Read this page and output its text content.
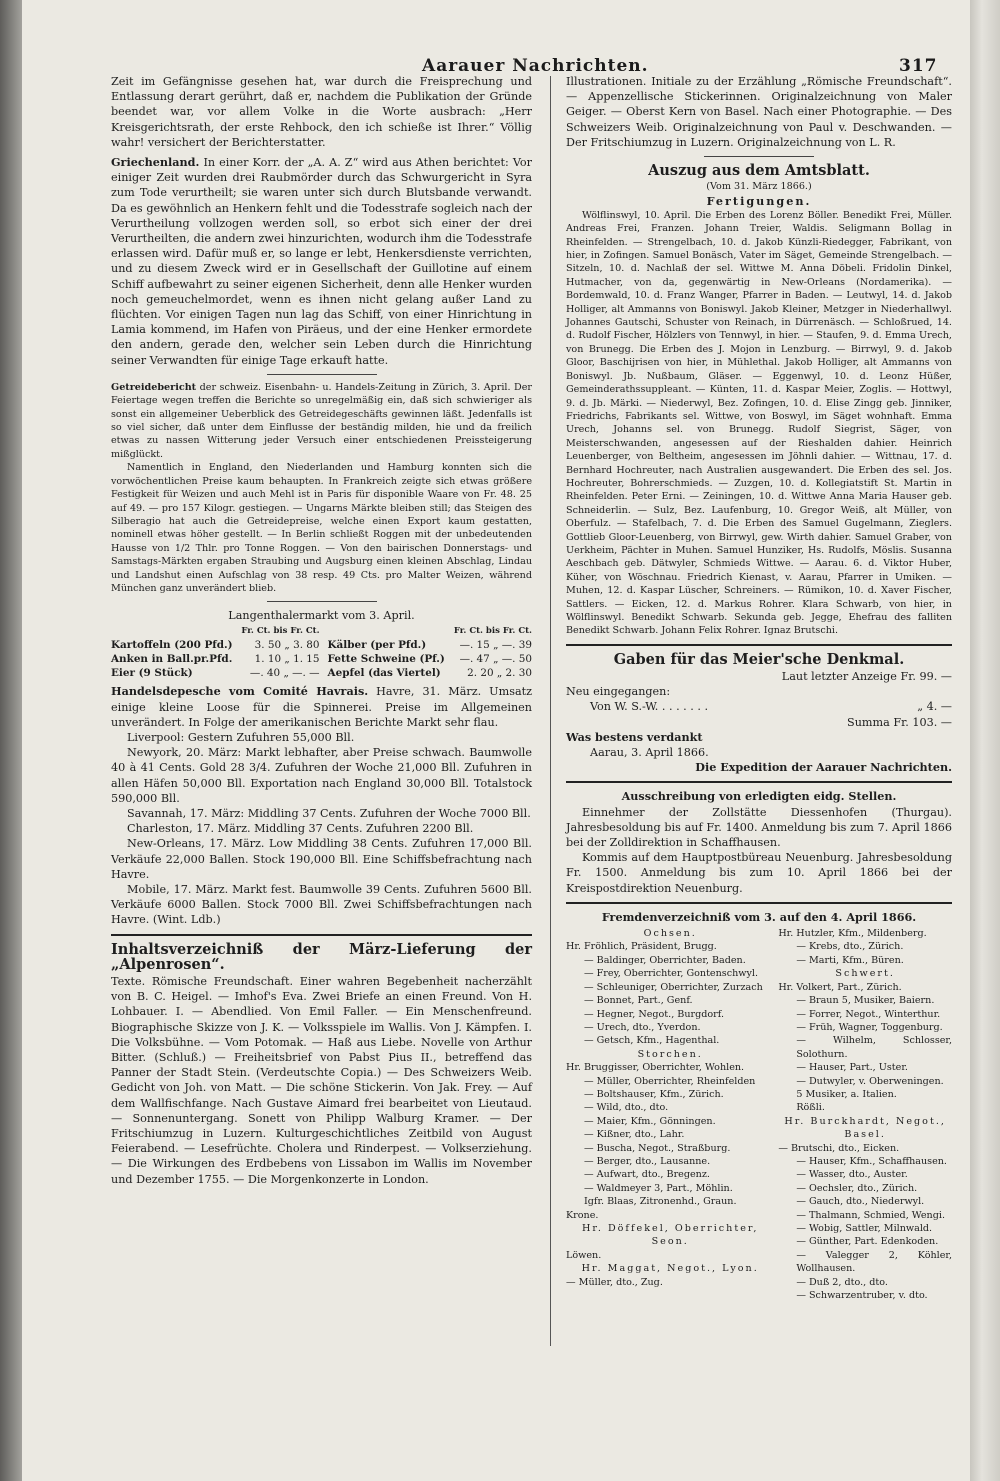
Aarauer Nachrichten.	317

Zeit im Gefängnisse gesehen hat, war durch die Freisprechung und Entlassung derart gerührt, daß er, nachdem die Publikation der Gründe beendet war, vor allem Volke in die Worte ausbrach: „Herr Kreisgerichtsrath, der erste Rehbock, den ich schieße ist Ihrer.“ Völlig wahr! versichert der Berichterstatter.

Griechenland. In einer Korr. der „A. A. Z“ wird aus Athen berichtet: Vor einiger Zeit wurden drei Raubmörder durch das Schwurgericht in Syra zum Tode verurtheilt; sie waren unter sich durch Blutsbande verwandt. Da es gewöhnlich an Henkern fehlt und die Todesstrafe sogleich nach der Verurtheilung vollzogen werden soll, so erbot sich einer der drei Verurtheilten, die andern zwei hinzurichten, wodurch ihm die Todesstrafe erlassen wird. Dafür muß er, so lange er lebt, Henkersdienste verrichten, und zu diesem Zweck wird er in Gesellschaft der Guillotine auf einem Schiff aufbewahrt zu seiner eigenen Sicherheit, denn alle Henker wurden noch gemeuchelmordet, wenn es ihnen nicht gelang außer Land zu flüchten. Vor einigen Tagen nun lag das Schiff, von einer Hinrichtung in Lamia kommend, im Hafen von Piräeus, und der eine Henker ermordete den andern, gerade den, welcher sein Leben durch die Hinrichtung seiner Verwandten für einige Tage erkauft hatte.

Getreidebericht der schweiz. Eisenbahn- u. Handels-Zeitung in Zürich, 3. April. Der Feiertage wegen treffen die Berichte so unregelmäßig ein, daß sich schwieriger als sonst ein allgemeiner Ueberblick des Getreidegeschäfts gewinnen läßt. Jedenfalls ist so viel sicher, daß unter dem Einflusse der beständig milden, hie und da freilich etwas zu nassen Witterung jeder Versuch einer entschiedenen Preissteigerung mißglückt.

Namentlich in England, den Niederlanden und Hamburg konnten sich die vorwöchentlichen Preise kaum behaupten. In Frankreich zeigte sich etwas größere Festigkeit für Weizen und auch Mehl ist in Paris für disponible Waare von Fr. 48. 25 auf 49. — pro 157 Kilogr. gestiegen. — Ungarns Märkte bleiben still; das Steigen des Silberagio hat auch die Getreidepreise, welche einen Export kaum gestatten, nominell etwas höher gestellt. — In Berlin schließt Roggen mit der unbedeutenden Hausse von 1/2 Thlr. pro Tonne Roggen. — Von den bairischen Donnerstags- und Samstags-Märkten ergaben Straubing und Augsburg einen kleinen Abschlag, Lindau und Landshut einen Aufschlag von 38 resp. 49 Cts. pro Malter Weizen, während München ganz unverändert blieb.

Langenthalermarkt vom 3. April.

	Fr. Ct. bis Fr. Ct.		Fr. Ct. bis Fr. Ct.
Kartoffeln (200 Pfd.)	3. 50 „ 3. 80	Kälber (per Pfd.)	—. 15 „ —. 39
Anken in Ball.pr.Pfd.	1. 10 „ 1. 15	Fette Schweine (Pf.)	—. 47 „ —. 50
Eier (9 Stück)	—. 40 „ —. —	Aepfel (das Viertel)	2. 20 „ 2. 30

Handelsdepesche vom Comité Havrais. Havre, 31. März. Umsatz einige kleine Loose für die Spinnerei. Preise im Allgemeinen unverändert. In Folge der amerikanischen Berichte Markt sehr flau.

Liverpool: Gestern Zufuhren 55,000 Bll.

Newyork, 20. März: Markt lebhafter, aber Preise schwach. Baumwolle 40 à 41 Cents. Gold 28 3/4. Zufuhren der Woche 21,000 Bll. Zufuhren in allen Häfen 50,000 Bll. Exportation nach England 30,000 Bll. Totalstock 590,000 Bll.

Savannah, 17. März: Middling 37 Cents. Zufuhren der Woche 7000 Bll.

Charleston, 17. März. Middling 37 Cents. Zufuhren 2200 Bll.

New-Orleans, 17. März. Low Middling 38 Cents. Zufuhren 17,000 Bll. Verkäufe 22,000 Ballen. Stock 190,000 Bll. Eine Schiffsbefrachtung nach Havre.

Mobile, 17. März. Markt fest. Baumwolle 39 Cents. Zufuhren 5600 Bll. Verkäufe 6000 Ballen. Stock 7000 Bll. Zwei Schiffsbefrachtungen nach Havre. (Wint. Ldb.)

Inhaltsverzeichniß der März-Lieferung der „Alpenrosen“.

Texte. Römische Freundschaft. Einer wahren Begebenheit nacherzählt von B. C. Heigel. — Imhof's Eva. Zwei Briefe an einen Freund. Von H. Lohbauer. I. — Abendlied. Von Emil Faller. — Ein Menschenfreund. Biographische Skizze von J. K. — Volksspiele im Wallis. Von J. Kämpfen. I. Die Volksbühne. — Vom Potomak. — Haß aus Liebe. Novelle von Arthur Bitter. (Schluß.) — Freiheitsbrief von Pabst Pius II., betreffend das Panner der Stadt Stein. (Verdeutschte Copia.) — Des Schweizers Weib. Gedicht von Joh. von Matt. — Die schöne Stickerin. Von Jak. Frey. — Auf dem Wallfischfange. Nach Gustave Aimard frei bearbeitet von Lieutaud. — Sonnenuntergang. Sonett von Philipp Walburg Kramer. — Der Fritschiumzug in Luzern. Kulturgeschichtliches Zeitbild von August Feierabend. — Lesefrüchte. Cholera und Rinderpest. — Volkserziehung. — Die Wirkungen des Erdbebens von Lissabon im Wallis im November und Dezember 1755. — Die Morgenkonzerte in London.

Illustrationen. Initiale zu der Erzählung „Römische Freundschaft“. — Appenzellische Stickerinnen. Originalzeichnung von Maler Geiger. — Oberst Kern von Basel. Nach einer Photographie. — Des Schweizers Weib. Originalzeichnung von Paul v. Deschwanden. — Der Fritschiumzug in Luzern. Originalzeichnung von L. R.

Auszug aus dem Amtsblatt.

(Vom 31. März 1866.)

Fertigungen.

Wölflinswyl, 10. April. Die Erben des Lorenz Böller. Benedikt Frei, Müller. Andreas Frei, Franzen. Johann Treier, Waldis. Seligmann Bollag in Rheinfelden. — Strengelbach, 10. d. Jakob Künzli-Riedegger, Fabrikant, von hier, in Zofingen. Samuel Bonäsch, Vater im Säget, Gemeinde Strengelbach. — Sitzeln, 10. d. Nachlaß der sel. Wittwe M. Anna Döbeli. Fridolin Dinkel, Hutmacher, von da, gegenwärtig in New-Orleans (Nordamerika). — Bordemwald, 10. d. Franz Wanger, Pfarrer in Baden. — Leutwyl, 14. d. Jakob Holliger, alt Ammanns von Boniswyl. Jakob Kleiner, Metzger in Niederhallwyl. Johannes Gautschi, Schuster von Reinach, in Dürrenäsch. — Schloßrued, 14. d. Rudolf Fischer, Hölzlers von Tennwyl, in hier. — Staufen, 9. d. Emma Urech, von Brunegg. Die Erben des J. Mojon in Lenzburg. — Birrwyl, 9. d. Jakob Gloor, Baschijrisen von hier, in Mühlethal. Jakob Holliger, alt Ammanns von Boniswyl. Jb. Nußbaum, Gläser. — Eggenwyl, 10. d. Leonz Hüßer, Gemeinderathssuppleant. — Künten, 11. d. Kaspar Meier, Zoglis. — Hottwyl, 9. d. Jb. Märki. — Niederwyl, Bez. Zofingen, 10. d. Elise Zingg geb. Jinniker, Friedrichs, Fabrikants sel. Wittwe, von Boswyl, im Säget wohnhaft. Emma Urech, Johanns sel. von Brunegg. Rudolf Siegrist, Säger, von Meisterschwanden, angesessen auf der Rieshalden dahier. Heinrich Leuenberger, von Beltheim, angesessen im Jöhnli dahier. — Wittnau, 17. d. Bernhard Hochreuter, nach Australien ausgewandert. Die Erben des sel. Jos. Hochreuter, Bohrerschmieds. — Zuzgen, 10. d. Kollegiatstift St. Martin in Rheinfelden. Peter Erni. — Zeiningen, 10. d. Wittwe Anna Maria Hauser geb. Schneiderlin. — Sulz, Bez. Laufenburg, 10. Gregor Weiß, alt Müller, von Oberfulz. — Stafelbach, 7. d. Die Erben des Samuel Gugelmann, Zieglers. Gottlieb Gloor-Leuenberg, von Birrwyl, gew. Wirth dahier. Samuel Graber, von Uerkheim, Pächter in Muhen. Samuel Hunziker, Hs. Rudolfs, Möslis. Susanna Aeschbach geb. Dätwyler, Schmieds Wittwe. — Aarau. 6. d. Viktor Huber, Küher, von Wöschnau. Friedrich Kienast, v. Aarau, Pfarrer in Umiken. — Muhen, 12. d. Kaspar Lüscher, Schreiners. — Rümikon, 10. d. Xaver Fischer, Sattlers. — Eicken, 12. d. Markus Rohrer. Klara Schwarb, von hier, in Wölflinswyl. Benedikt Schwarb. Sekunda geb. Jegge, Ehefrau des falliten Benedikt Schwarb. Johann Felix Rohrer. Ignaz Brutschi.

Gaben für das Meier'sche Denkmal.

Laut letzter Anzeige Fr. 99. —

Neu eingegangen:

Von W. S.-W. . . . . . . .	„ 4. —

Summa Fr. 103. —

Was bestens verdankt

Aarau, 3. April 1866.

Die Expedition der Aarauer Nachrichten.

Ausschreibung von erledigten eidg. Stellen.

Einnehmer der Zollstätte Diessenhofen (Thurgau). Jahresbesoldung bis auf Fr. 1400. Anmeldung bis zum 7. April 1866 bei der Zolldirektion in Schaffhausen.

Kommis auf dem Hauptpostbüreau Neuenburg. Jahresbesoldung Fr. 1500. Anmeldung bis zum 10. April 1866 bei der Kreispostdirektion Neuenburg.

Fremdenverzeichniß vom 3. auf den 4. April 1866.

Ochsen.

Hr. Fröhlich, Präsident, Brugg.

— Baldinger, Oberrichter, Baden.

— Frey, Oberrichter, Gontenschwyl.

— Schleuniger, Oberrichter, Zurzach

— Bonnet, Part., Genf.

— Hegner, Negot., Burgdorf.

— Urech, dto., Yverdon.

— Getsch, Kfm., Hagenthal.

Storchen.

Hr. Bruggisser, Oberrichter, Wohlen.

— Müller, Oberrichter, Rheinfelden

— Boltshauser, Kfm., Zürich.

— Wild, dto., dto.

— Maier, Kfm., Gönningen.

— Kißner, dto., Lahr.

— Buscha, Negot., Straßburg.

— Berger, dto., Lausanne.

— Aufwart, dto., Bregenz.

— Waldmeyer 3, Part., Möhlin.

Igfr. Blaas, Zitronenhd., Graun.

Krone.

Hr. Döffekel, Oberrichter, Seon.

Löwen.

Hr. Maggat, Negot., Lyon.

— Müller, dto., Zug.

Hr. Hutzler, Kfm., Mildenberg.

— Krebs, dto., Zürich.

— Marti, Kfm., Büren.

Schwert.

Hr. Volkert, Part., Zürich.

— Braun 5, Musiker, Baiern.

— Forrer, Negot., Winterthur.

— Früh, Wagner, Toggenburg.

— Wilhelm, Schlosser, Solothurn.

— Hauser, Part., Uster.

— Dutwyler, v. Oberweningen.

5 Musiker, a. Italien.

Rößli.

Hr. Burckhardt, Negot., Basel.

— Brutschi, dto., Eicken.

— Hauser, Kfm., Schaffhausen.

— Wasser, dto., Auster.

— Oechsler, dto., Zürich.

— Gauch, dto., Niederwyl.

— Thalmann, Schmied, Wengi.

— Wobig, Sattler, Milnwald.

— Günther, Part. Edenkoden.

— Valegger 2, Köhler, Wollhausen.

— Duß 2, dto., dto.

— Schwarzentruber, v. dto.
